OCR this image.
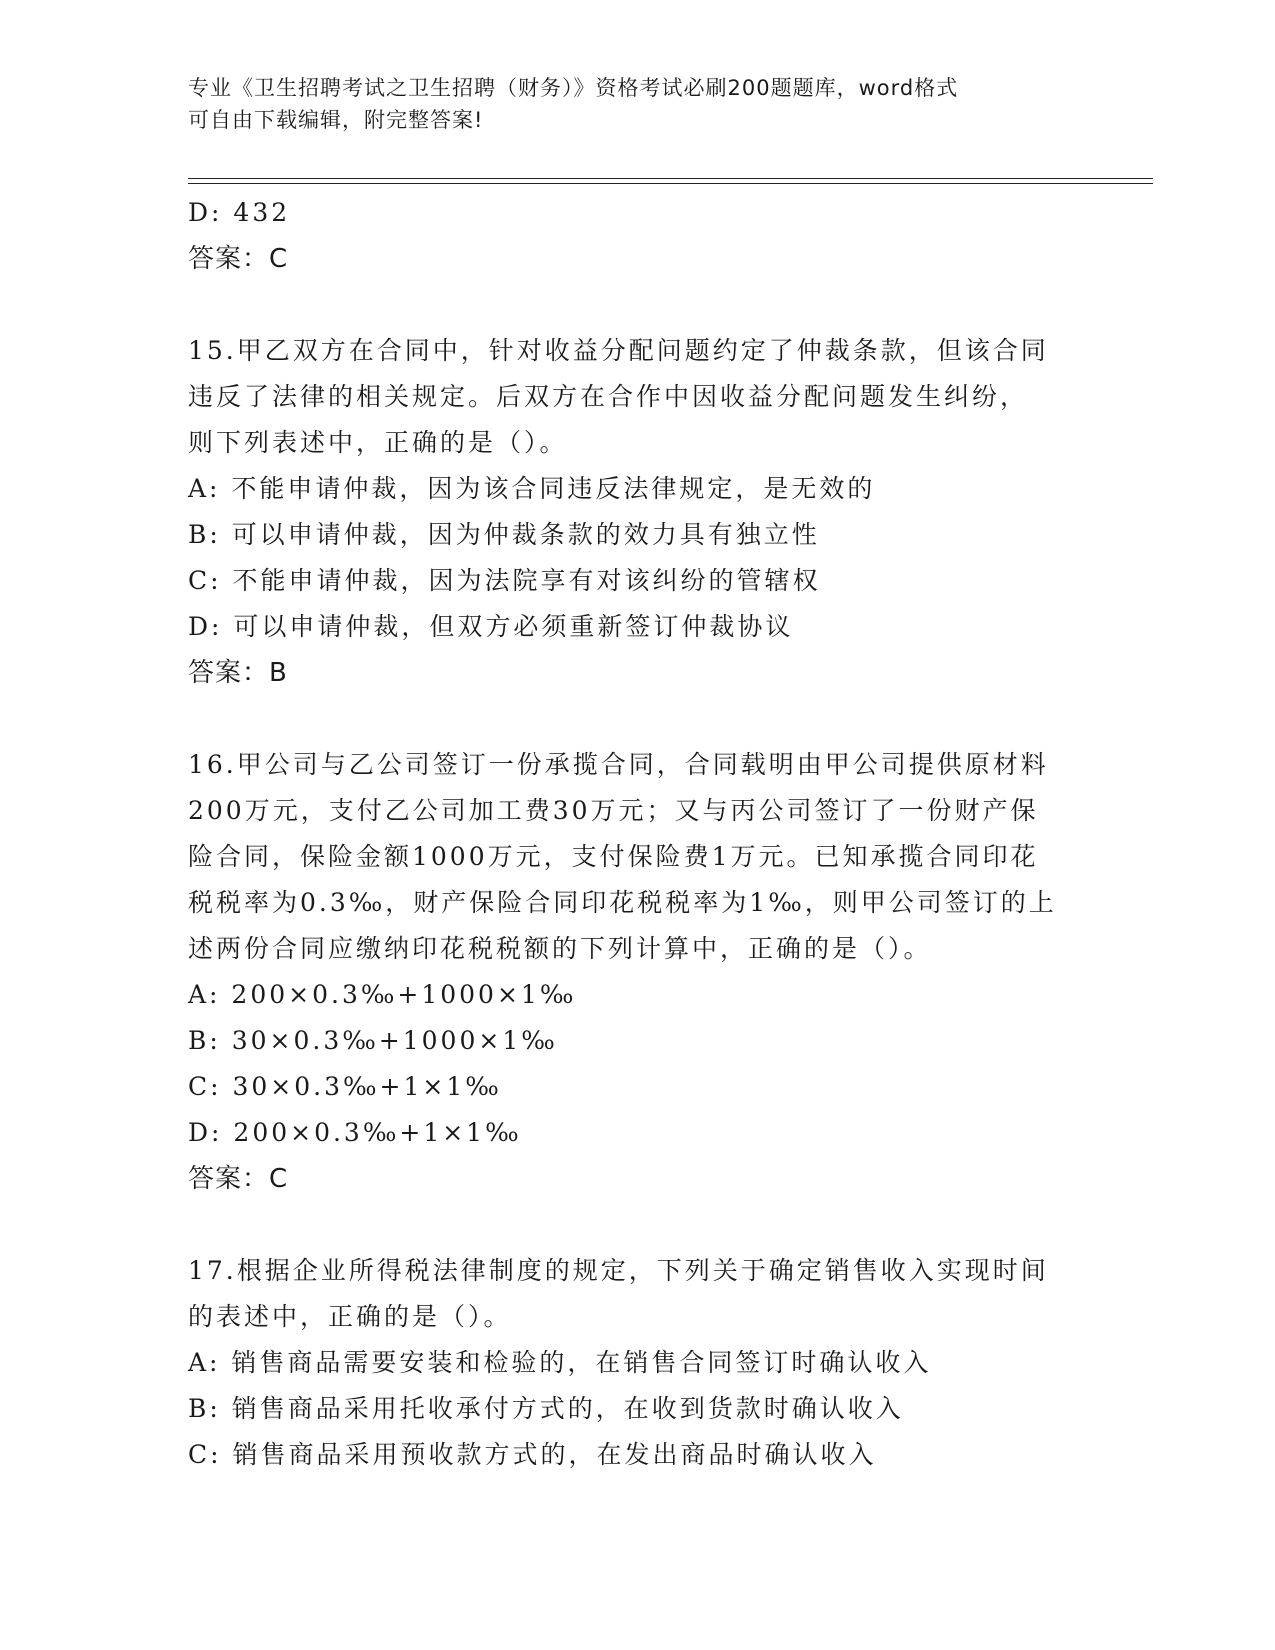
专业《卫生招聘考试之卫生招聘（财务）》资格考试必刷200题题库，word格式
可自由下载编辑，附完整答案!
D: 432
答案：C
15.甲乙双方在合同中，针对收益分配问题约定了仲裁条款，但该合同
违反了法律的相关规定。后双方在合作中因收益分配问题发生纠纷，
则下列表述中，正确的是（）。
A: 不能申请仲裁，因为该合同违反法律规定，是无效的
B: 可以申请仲裁，因为仲裁条款的效力具有独立性
C: 不能申请仲裁，因为法院享有对该纠纷的管辖权
D: 可以申请仲裁，但双方必须重新签订仲裁协议
答案：B
16.甲公司与乙公司签订一份承揽合同，合同载明由甲公司提供原材料
200万元，支付乙公司加工费30万元；又与丙公司签订了一份财产保
险合同，保险金额1000万元，支付保险费1万元。已知承揽合同印花
税税率为0.3‰，财产保险合同印花税税率为1‰，则甲公司签订的上
述两份合同应缴纳印花税税额的下列计算中，正确的是（）。
A: 200×0.3‰+1000×1‰
B: 30×0.3‰+1000×1‰
C: 30×0.3‰+1×1‰
D: 200×0.3‰+1×1‰
答案：C
17.根据企业所得税法律制度的规定，下列关于确定销售收入实现时间
的表述中，正确的是（）。
A: 销售商品需要安装和检验的，在销售合同签订时确认收入
B: 销售商品采用托收承付方式的，在收到货款时确认收入
C: 销售商品采用预收款方式的，在发出商品时确认收入
